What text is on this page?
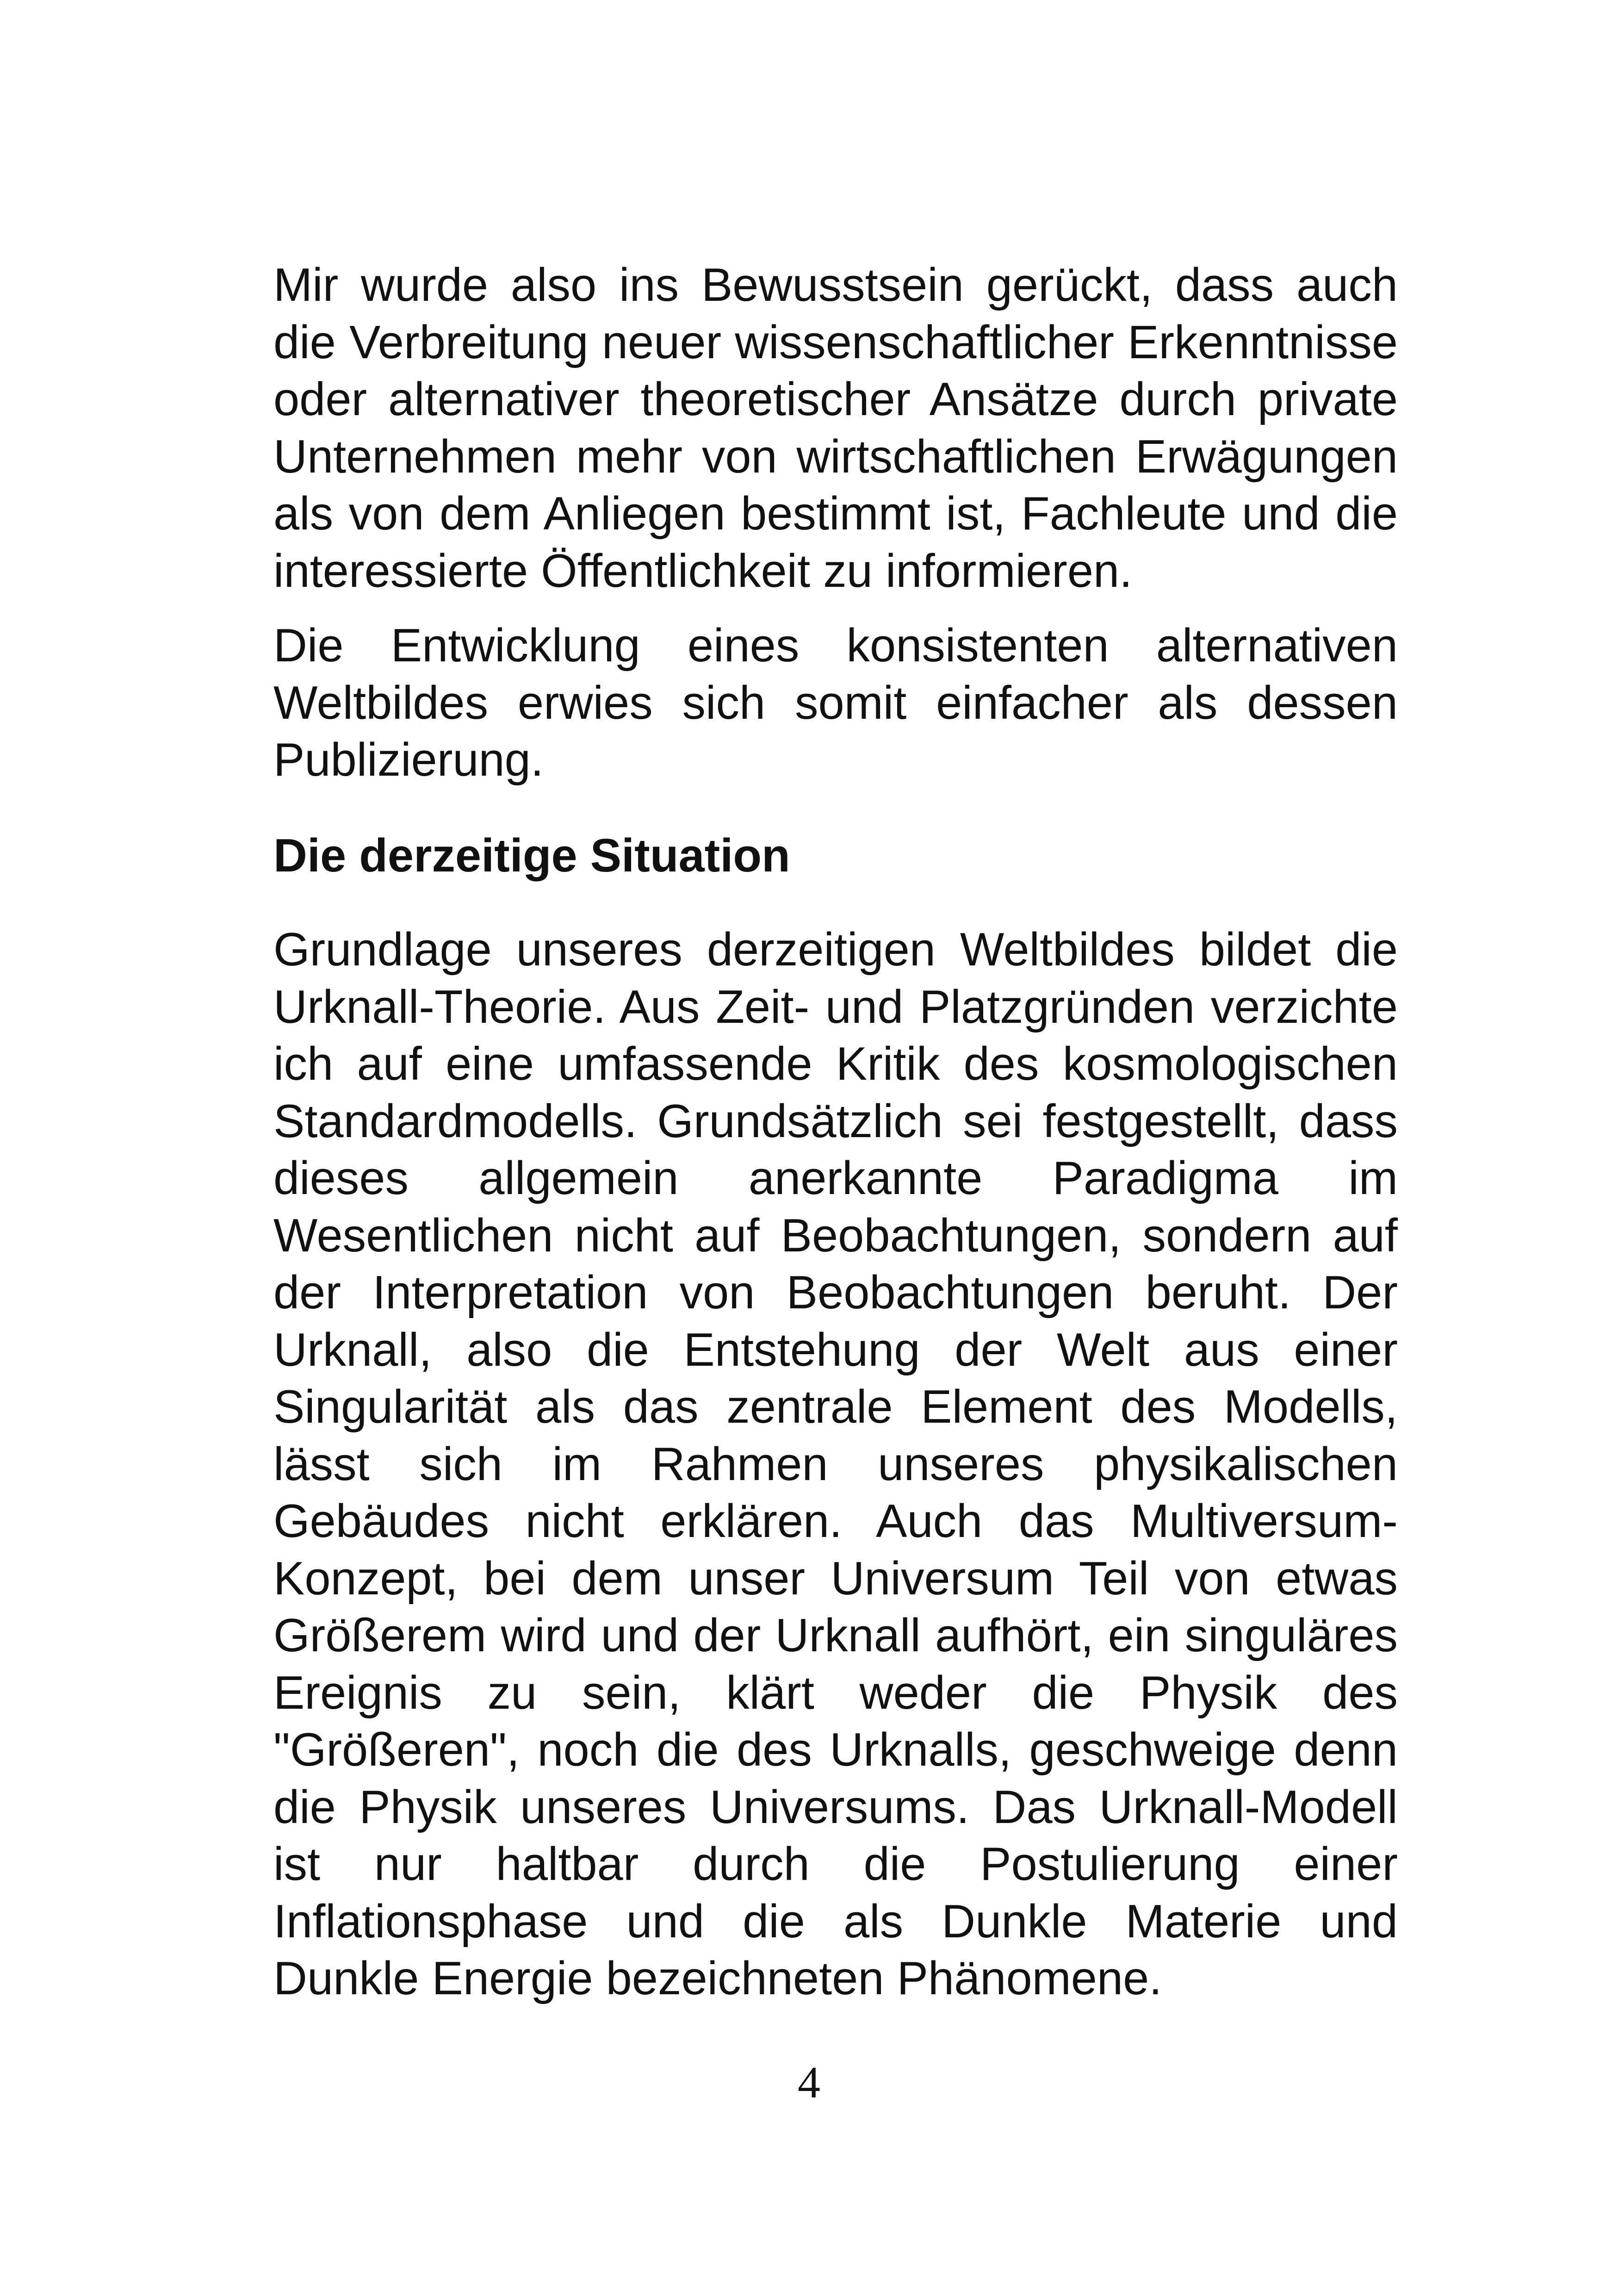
Mir wurde also ins Bewusstsein gerückt, dass auch die Verbreitung neuer wissenschaftlicher Erkenntnisse oder alternativer theoretischer Ansätze durch private Unternehmen mehr von wirtschaftlichen Erwägungen als von dem Anliegen bestimmt ist, Fachleute und die interessierte Öffentlichkeit zu informieren.

Die Entwicklung eines konsistenten alternativen Weltbildes erwies sich somit einfacher als dessen Publizierung.

Die derzeitige Situation

Grundlage unseres derzeitigen Weltbildes bildet die Urknall-Theorie. Aus Zeit- und Platzgründen verzichte ich auf eine umfassende Kritik des kosmologischen Standardmodells. Grundsätzlich sei festgestellt, dass dieses allgemein anerkannte Paradigma im Wesentlichen nicht auf Beobachtungen, sondern auf der Interpretation von Beobachtungen beruht. Der Urknall, also die Entstehung der Welt aus einer Singularität als das zentrale Element des Modells, lässt sich im Rahmen unseres physikalischen Gebäudes nicht erklären. Auch das Multiversum-Konzept, bei dem unser Universum Teil von etwas Größerem wird und der Urknall aufhört, ein singuläres Ereignis zu sein, klärt weder die Physik des "Größeren", noch die des Urknalls, geschweige denn die Physik unseres Universums. Das Urknall-Modell ist nur haltbar durch die Postulierung einer Inflationsphase und die als Dunkle Materie und Dunkle Energie bezeichneten Phänomene.

4
